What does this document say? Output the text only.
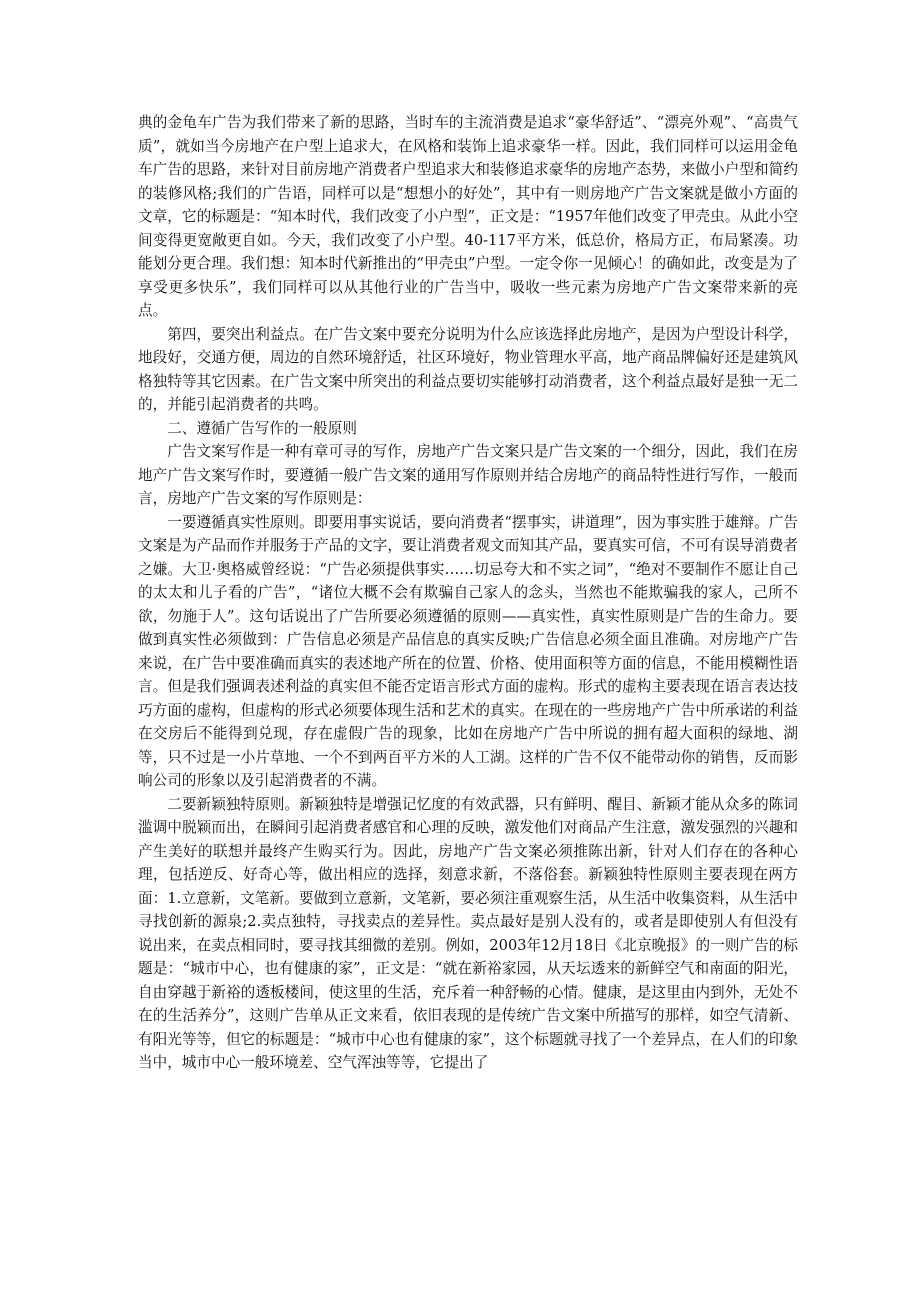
典的金龟车广告为我们带来了新的思路，当时车的主流消费是追求“豪华舒适”、“漂亮外观”、“高贵气质”，就如当今房地产在户型上追求大，在风格和装饰上追求豪华一样。因此，我们同样可以运用金龟车广告的思路，来针对目前房地产消费者户型追求大和装修追求豪华的房地产态势，来做小户型和简约的装修风格;我们的广告语，同样可以是“想想小的好处”，其中有一则房地产广告文案就是做小方面的文章，它的标题是：“知本时代，我们改变了小户型”，正文是：“1957年他们改变了甲壳虫。从此小空间变得更宽敞更自如。今天，我们改变了小户型。40-117平方米，低总价，格局方正，布局紧凑。功能划分更合理。我们想：知本时代新推出的“甲壳虫”户型。一定令你一见倾心！的确如此，改变是为了享受更多快乐”，我们同样可以从其他行业的广告当中，吸收一些元素为房地产广告文案带来新的亮点。

第四，要突出利益点。在广告文案中要充分说明为什么应该选择此房地产，是因为户型设计科学，地段好，交通方便，周边的自然环境舒适，社区环境好，物业管理水平高，地产商品牌偏好还是建筑风格独特等其它因素。在广告文案中所突出的利益点要切实能够打动消费者，这个利益点最好是独一无二的，并能引起消费者的共鸣。

二、遵循广告写作的一般原则

广告文案写作是一种有章可寻的写作，房地产广告文案只是广告文案的一个细分，因此，我们在房地产广告文案写作时，要遵循一般广告文案的通用写作原则并结合房地产的商品特性进行写作，一般而言，房地产广告文案的写作原则是：

一要遵循真实性原则。即要用事实说话，要向消费者“摆事实，讲道理”，因为事实胜于雄辩。广告文案是为产品而作并服务于产品的文字，要让消费者观文而知其产品，要真实可信，不可有误导消费者之嫌。大卫·奥格威曾经说：“广告必须提供事实……切忌夸大和不实之词”，“绝对不要制作不愿让自己的太太和儿子看的广告”，“诸位大概不会有欺骗自己家人的念头，当然也不能欺骗我的家人，己所不欲，勿施于人”。这句话说出了广告所要必须遵循的原则——真实性，真实性原则是广告的生命力。要做到真实性必须做到：广告信息必须是产品信息的真实反映;广告信息必须全面且准确。对房地产广告来说，在广告中要准确而真实的表述地产所在的位置、价格、使用面积等方面的信息，不能用模糊性语言。但是我们强调表述利益的真实但不能否定语言形式方面的虚构。形式的虚构主要表现在语言表达技巧方面的虚构，但虚构的形式必须要体现生活和艺术的真实。在现在的一些房地产广告中所承诺的利益在交房后不能得到兑现，存在虚假广告的现象，比如在房地产广告中所说的拥有超大面积的绿地、湖等，只不过是一小片草地、一个不到两百平方米的人工湖。这样的广告不仅不能带动你的销售，反而影响公司的形象以及引起消费者的不满。

二要新颖独特原则。新颖独特是增强记忆度的有效武器，只有鲜明、醒目、新颖才能从众多的陈词滥调中脱颖而出，在瞬间引起消费者感官和心理的反映，激发他们对商品产生注意，激发强烈的兴趣和产生美好的联想并最终产生购买行为。因此，房地产广告文案必须推陈出新，针对人们存在的各种心理，包括逆反、好奇心等，做出相应的选择，刻意求新，不落俗套。新颖独特性原则主要表现在两方面：1.立意新，文笔新。要做到立意新，文笔新，要必须注重观察生活，从生活中收集资料，从生活中寻找创新的源泉;2.卖点独特，寻找卖点的差异性。卖点最好是别人没有的，或者是即使别人有但没有说出来，在卖点相同时，要寻找其细微的差别。例如，2003年12月18日《北京晚报》的一则广告的标题是：“城市中心，也有健康的家”，正文是：“就在新裕家园，从天坛透来的新鲜空气和南面的阳光，自由穿越于新裕的透板楼间，使这里的生活，充斥着一种舒畅的心情。健康，是这里由内到外，无处不在的生活养分”，这则广告单从正文来看，依旧表现的是传统广告文案中所描写的那样，如空气清新、有阳光等等，但它的标题是：“城市中心也有健康的家”，这个标题就寻找了一个差异点，在人们的印象当中，城市中心一般环境差、空气浑浊等等，它提出了
